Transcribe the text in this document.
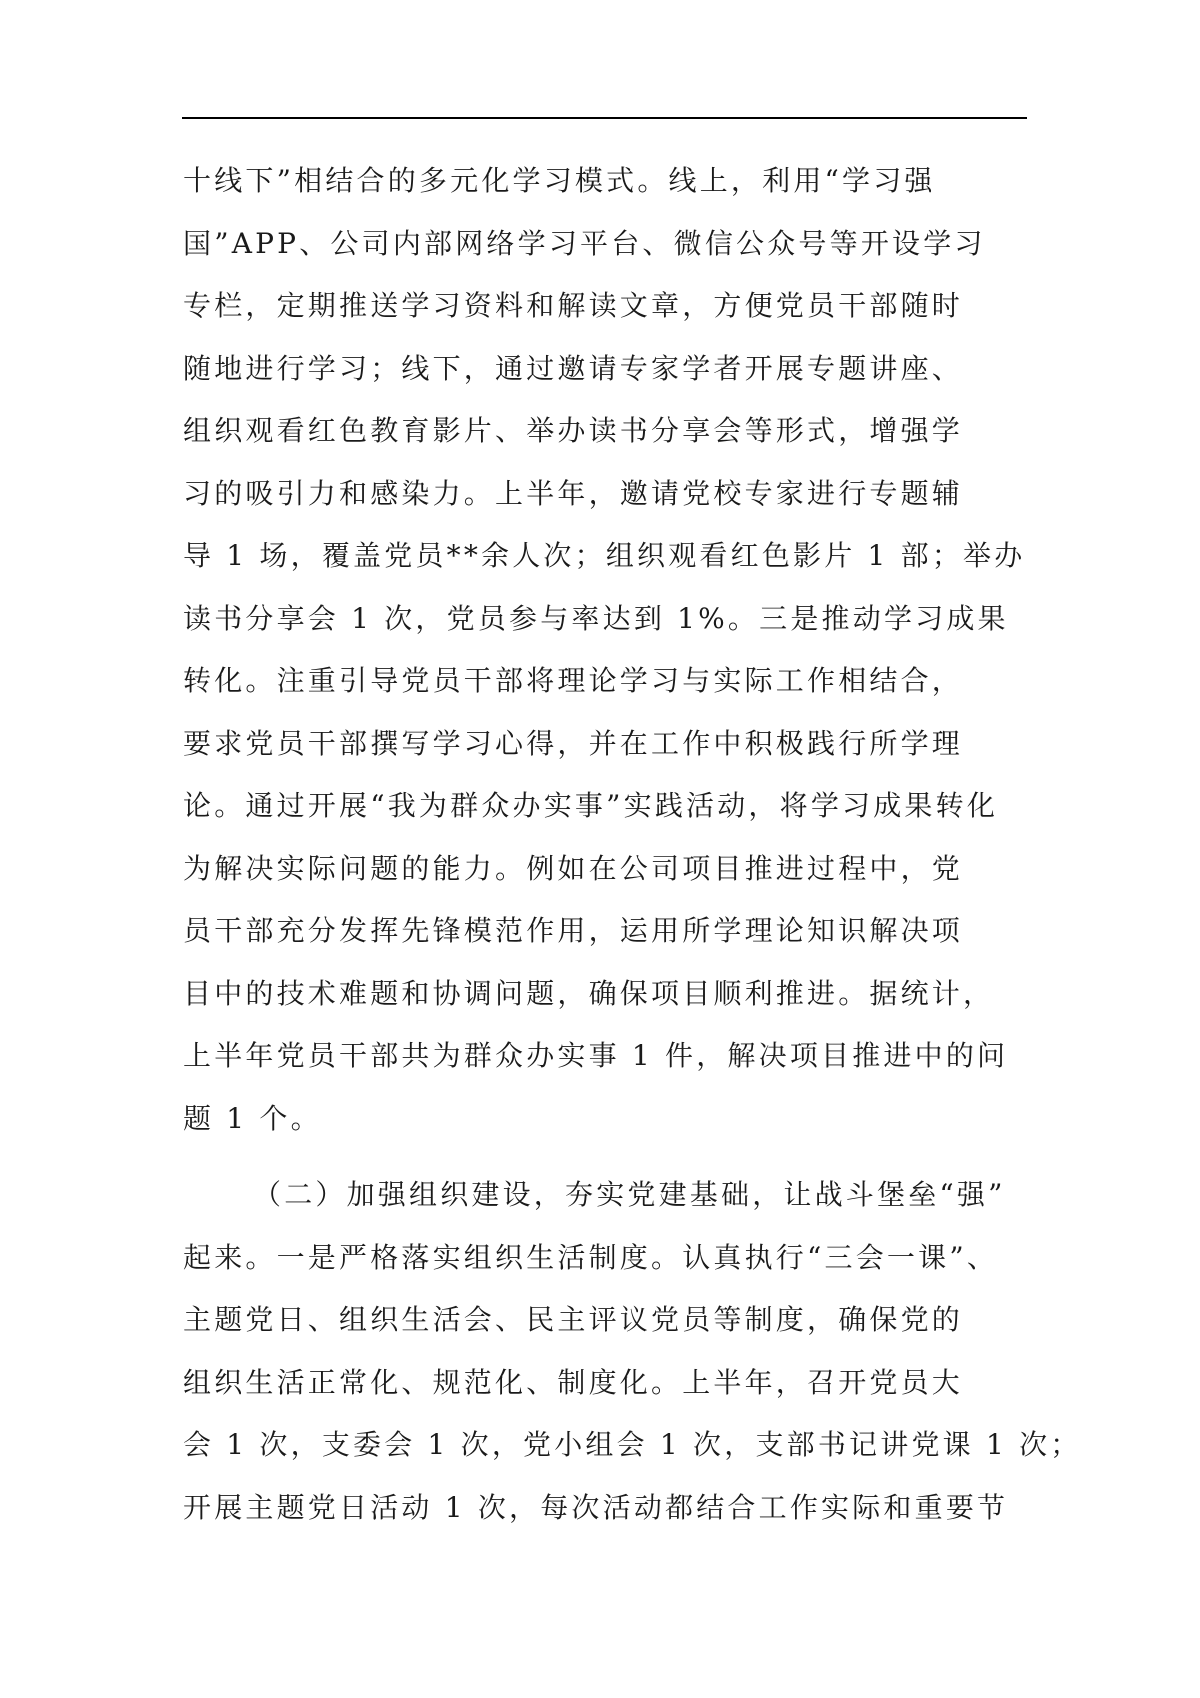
十线下”相结合的多元化学习模式。线上，利用“学习强
国”APP、公司内部网络学习平台、微信公众号等开设学习
专栏，定期推送学习资料和解读文章，方便党员干部随时
随地进行学习；线下，通过邀请专家学者开展专题讲座、
组织观看红色教育影片、举办读书分享会等形式，增强学
习的吸引力和感染力。上半年，邀请党校专家进行专题辅
导 1 场，覆盖党员**余人次；组织观看红色影片 1 部；举办
读书分享会 1 次，党员参与率达到 1%。三是推动学习成果
转化。注重引导党员干部将理论学习与实际工作相结合，
要求党员干部撰写学习心得，并在工作中积极践行所学理
论。通过开展“我为群众办实事”实践活动，将学习成果转化
为解决实际问题的能力。例如在公司项目推进过程中，党
员干部充分发挥先锋模范作用，运用所学理论知识解决项
目中的技术难题和协调问题，确保项目顺利推进。据统计，
上半年党员干部共为群众办实事 1 件，解决项目推进中的问
题 1 个。
（二）加强组织建设，夯实党建基础，让战斗堡垒“强”
起来。一是严格落实组织生活制度。认真执行“三会一课”、
主题党日、组织生活会、民主评议党员等制度，确保党的
组织生活正常化、规范化、制度化。上半年，召开党员大
会 1 次，支委会 1 次，党小组会 1 次，支部书记讲党课 1 次；
开展主题党日活动 1 次，每次活动都结合工作实际和重要节
